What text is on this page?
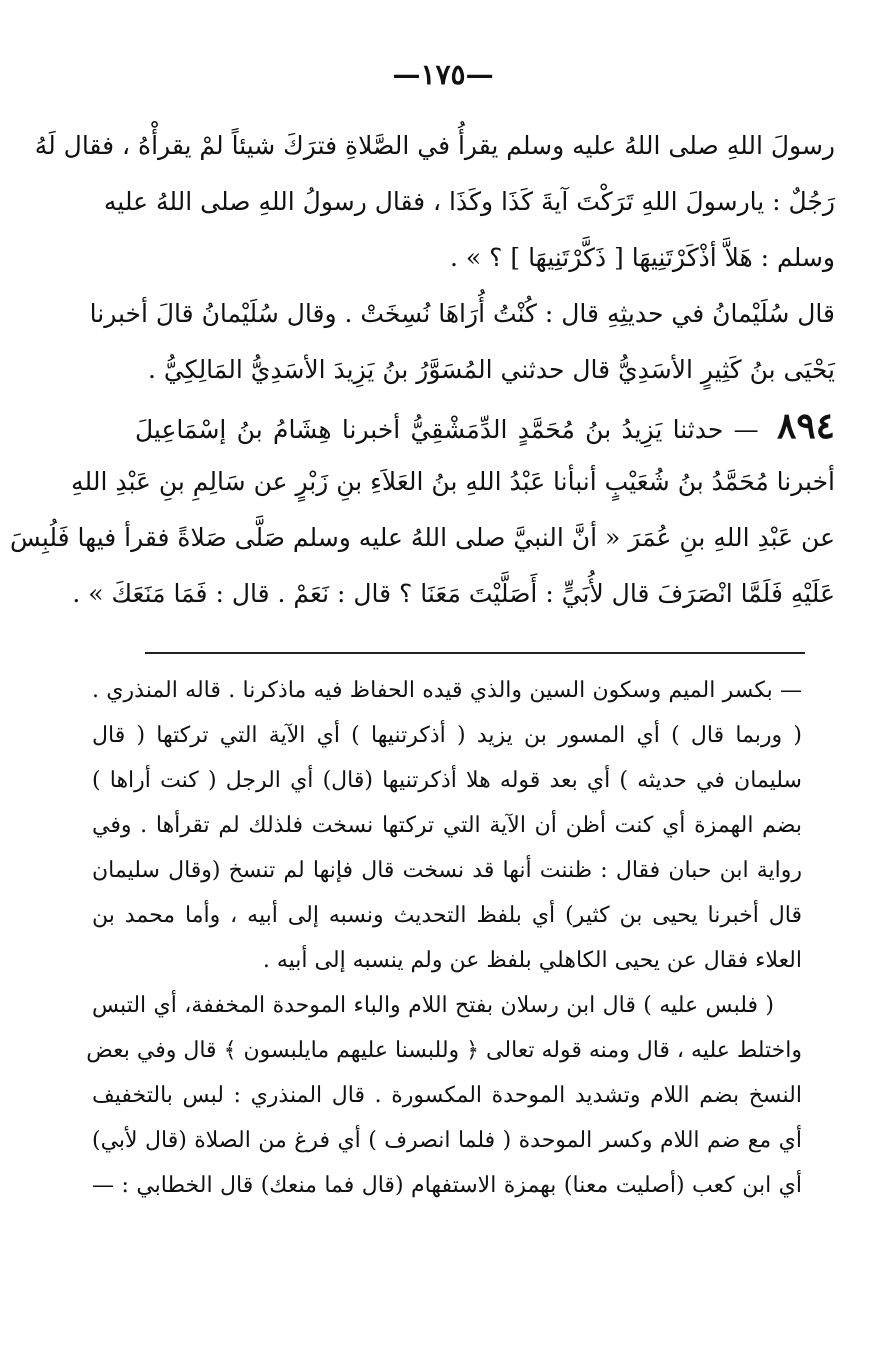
—١٧٥—
رسولَ اللهِ صلى اللهُ عليه وسلم يقرأُ في الصَّلاةِ فترَكَ شيئاً لمْ يقرأْهُ ، فقال لَهُ
رَجُلٌ : يارسولَ اللهِ تَرَكْتَ آيةَ كَذَا وكَذَا ، فقال رسولُ اللهِ صلى اللهُ عليه
وسلم : هَلاَّ أذْكَرْتَنِيهَا [ ذَكَّرْتَنِيهَا ] ؟ » .
قال سُلَيْمانُ في حديثِهِ قال : كُنْتُ أُرَاهَا نُسِخَتْ . وقال سُلَيْمانُ قالَ أخبرنا
يَحْيَى بنُ كَثِيرٍ الأسَدِيُّ قال حدثني المُسَوَّرُ بنُ يَزِيدَ الأسَدِيُّ المَالِكِيُّ .
٨٩٤ — حدثنا يَزِيدُ بنُ مُحَمَّدٍ الدِّمَشْقِيُّ أخبرنا هِشَامُ بنُ إسْمَاعِيلَ
أخبرنا مُحَمَّدُ بنُ شُعَيْبٍ أنبأنا عَبْدُ اللهِ بنُ العَلاَءِ بنِ زَبْرٍ عن سَالِمِ بنِ عَبْدِ اللهِ
عن عَبْدِ اللهِ بنِ عُمَرَ « أنَّ النبيَّ صلى اللهُ عليه وسلم صَلَّى صَلاةً فقرأ فيها فَلُبِسَ
عَلَيْهِ فَلَمَّا انْصَرَفَ قال لأُبَيٍّ : أَصَلَّيْتَ مَعَنَا ؟ قال : نَعَمْ . قال : فَمَا مَنَعَكَ » .
— بكسر الميم وسكون السين والذي قيده الحفاظ فيه ماذكرنا . قاله المنذري .
( وربما قال ) أي المسور بن يزيد ( أذكرتنيها ) أي الآية التي تركتها ( قال
سليمان في حديثه ) أي بعد قوله هلا أذكرتنيها (قال) أي الرجل ( كنت أراها )
بضم الهمزة أي كنت أظن أن الآية التي تركتها نسخت فلذلك لم تقرأها . وفي
رواية ابن حبان فقال : ظننت أنها قد نسخت قال فإنها لم تنسخ (وقال سليمان
قال أخبرنا يحيى بن كثير) أي بلفظ التحديث ونسبه إلى أبيه ، وأما محمد بن
العلاء فقال عن يحيى الكاهلي بلفظ عن ولم ينسبه إلى أبيه .
( فلبس عليه ) قال ابن رسلان بفتح اللام والباء الموحدة المخففة، أي التبس
واختلط عليه ، قال ومنه قوله تعالى ﴿ وللبسنا عليهم مايلبسون ﴾ قال وفي بعض
النسخ بضم اللام وتشديد الموحدة المكسورة . قال المنذري : لبس بالتخفيف
أي مع ضم اللام وكسر الموحدة ( فلما انصرف ) أي فرغ من الصلاة (قال لأبي)
أي ابن كعب (أصليت معنا) بهمزة الاستفهام (قال فما منعك) قال الخطابي : —
